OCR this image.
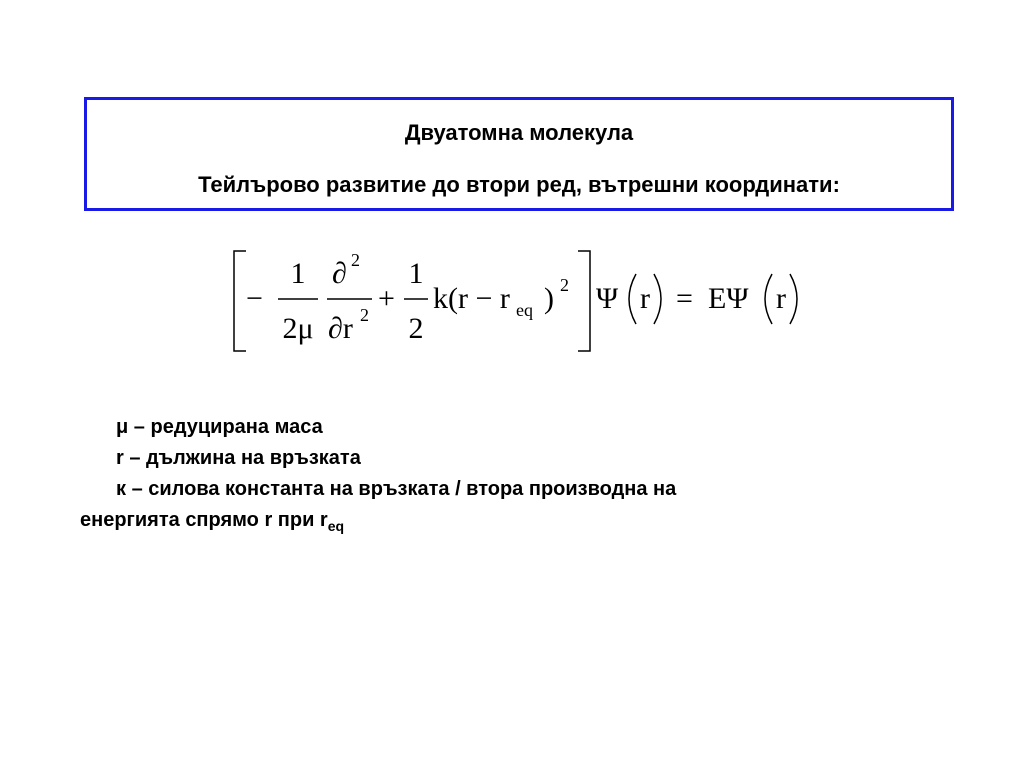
Двуатомна молекула
Тейлърово развитие до втори ред, вътрешни координати:
−
1
2μ
∂ 2
∂r 2 +
1
2
k(r − r eq ) 2 Ψ r = EΨ r
μ – редуцирана маса
r – дължина на връзката
к – силова константа на връзката / втора производна на
енергията спрямо r при $r_{eq}$
